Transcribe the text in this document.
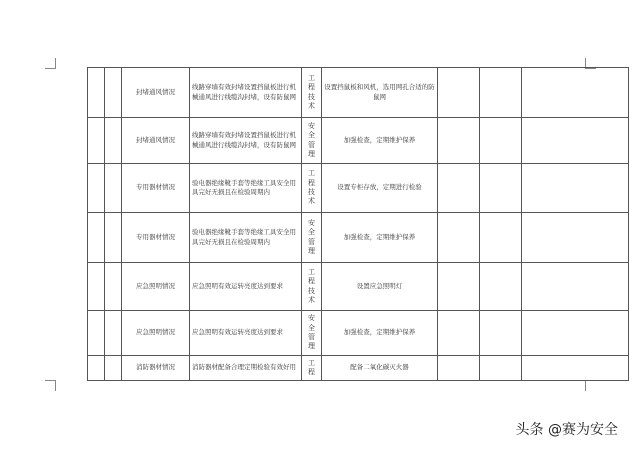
		封堵通风情况	线路穿墙有效封堵设置挡鼠板进行机械通风进行线缆沟封堵，设有防鼠网	工
程
技
术	设置挡鼠板和风机，选用网孔合适的防鼠网			
		封堵通风情况	线路穿墙有效封堵设置挡鼠板进行机械通风进行线缆沟封堵，设有防鼠网	安
全
管
理	加强检查，定期维护保养			
		专用器材情况	验电器绝缘靴手套等绝缘工具安全用具完好无损且在检验周期内	工
程
技
术	设置专柜存放，定期进行检验			
		专用器材情况	验电器绝缘靴手套等绝缘工具安全用具完好无损且在检验周期内	安
全
管
理	加强检查，定期维护保养			
		应急照明情况	应急照明有效运转亮度达到要求	工
程
技
术	设置应急照明灯			
		应急照明情况	应急照明有效运转亮度达到要求	安
全
管
理	加强检查，定期维护保养			
		消防器材情况	消防器材配备合理定期检验有效好用	工
程	配备二氧化碳灭火器			
头条 @赛为安全
